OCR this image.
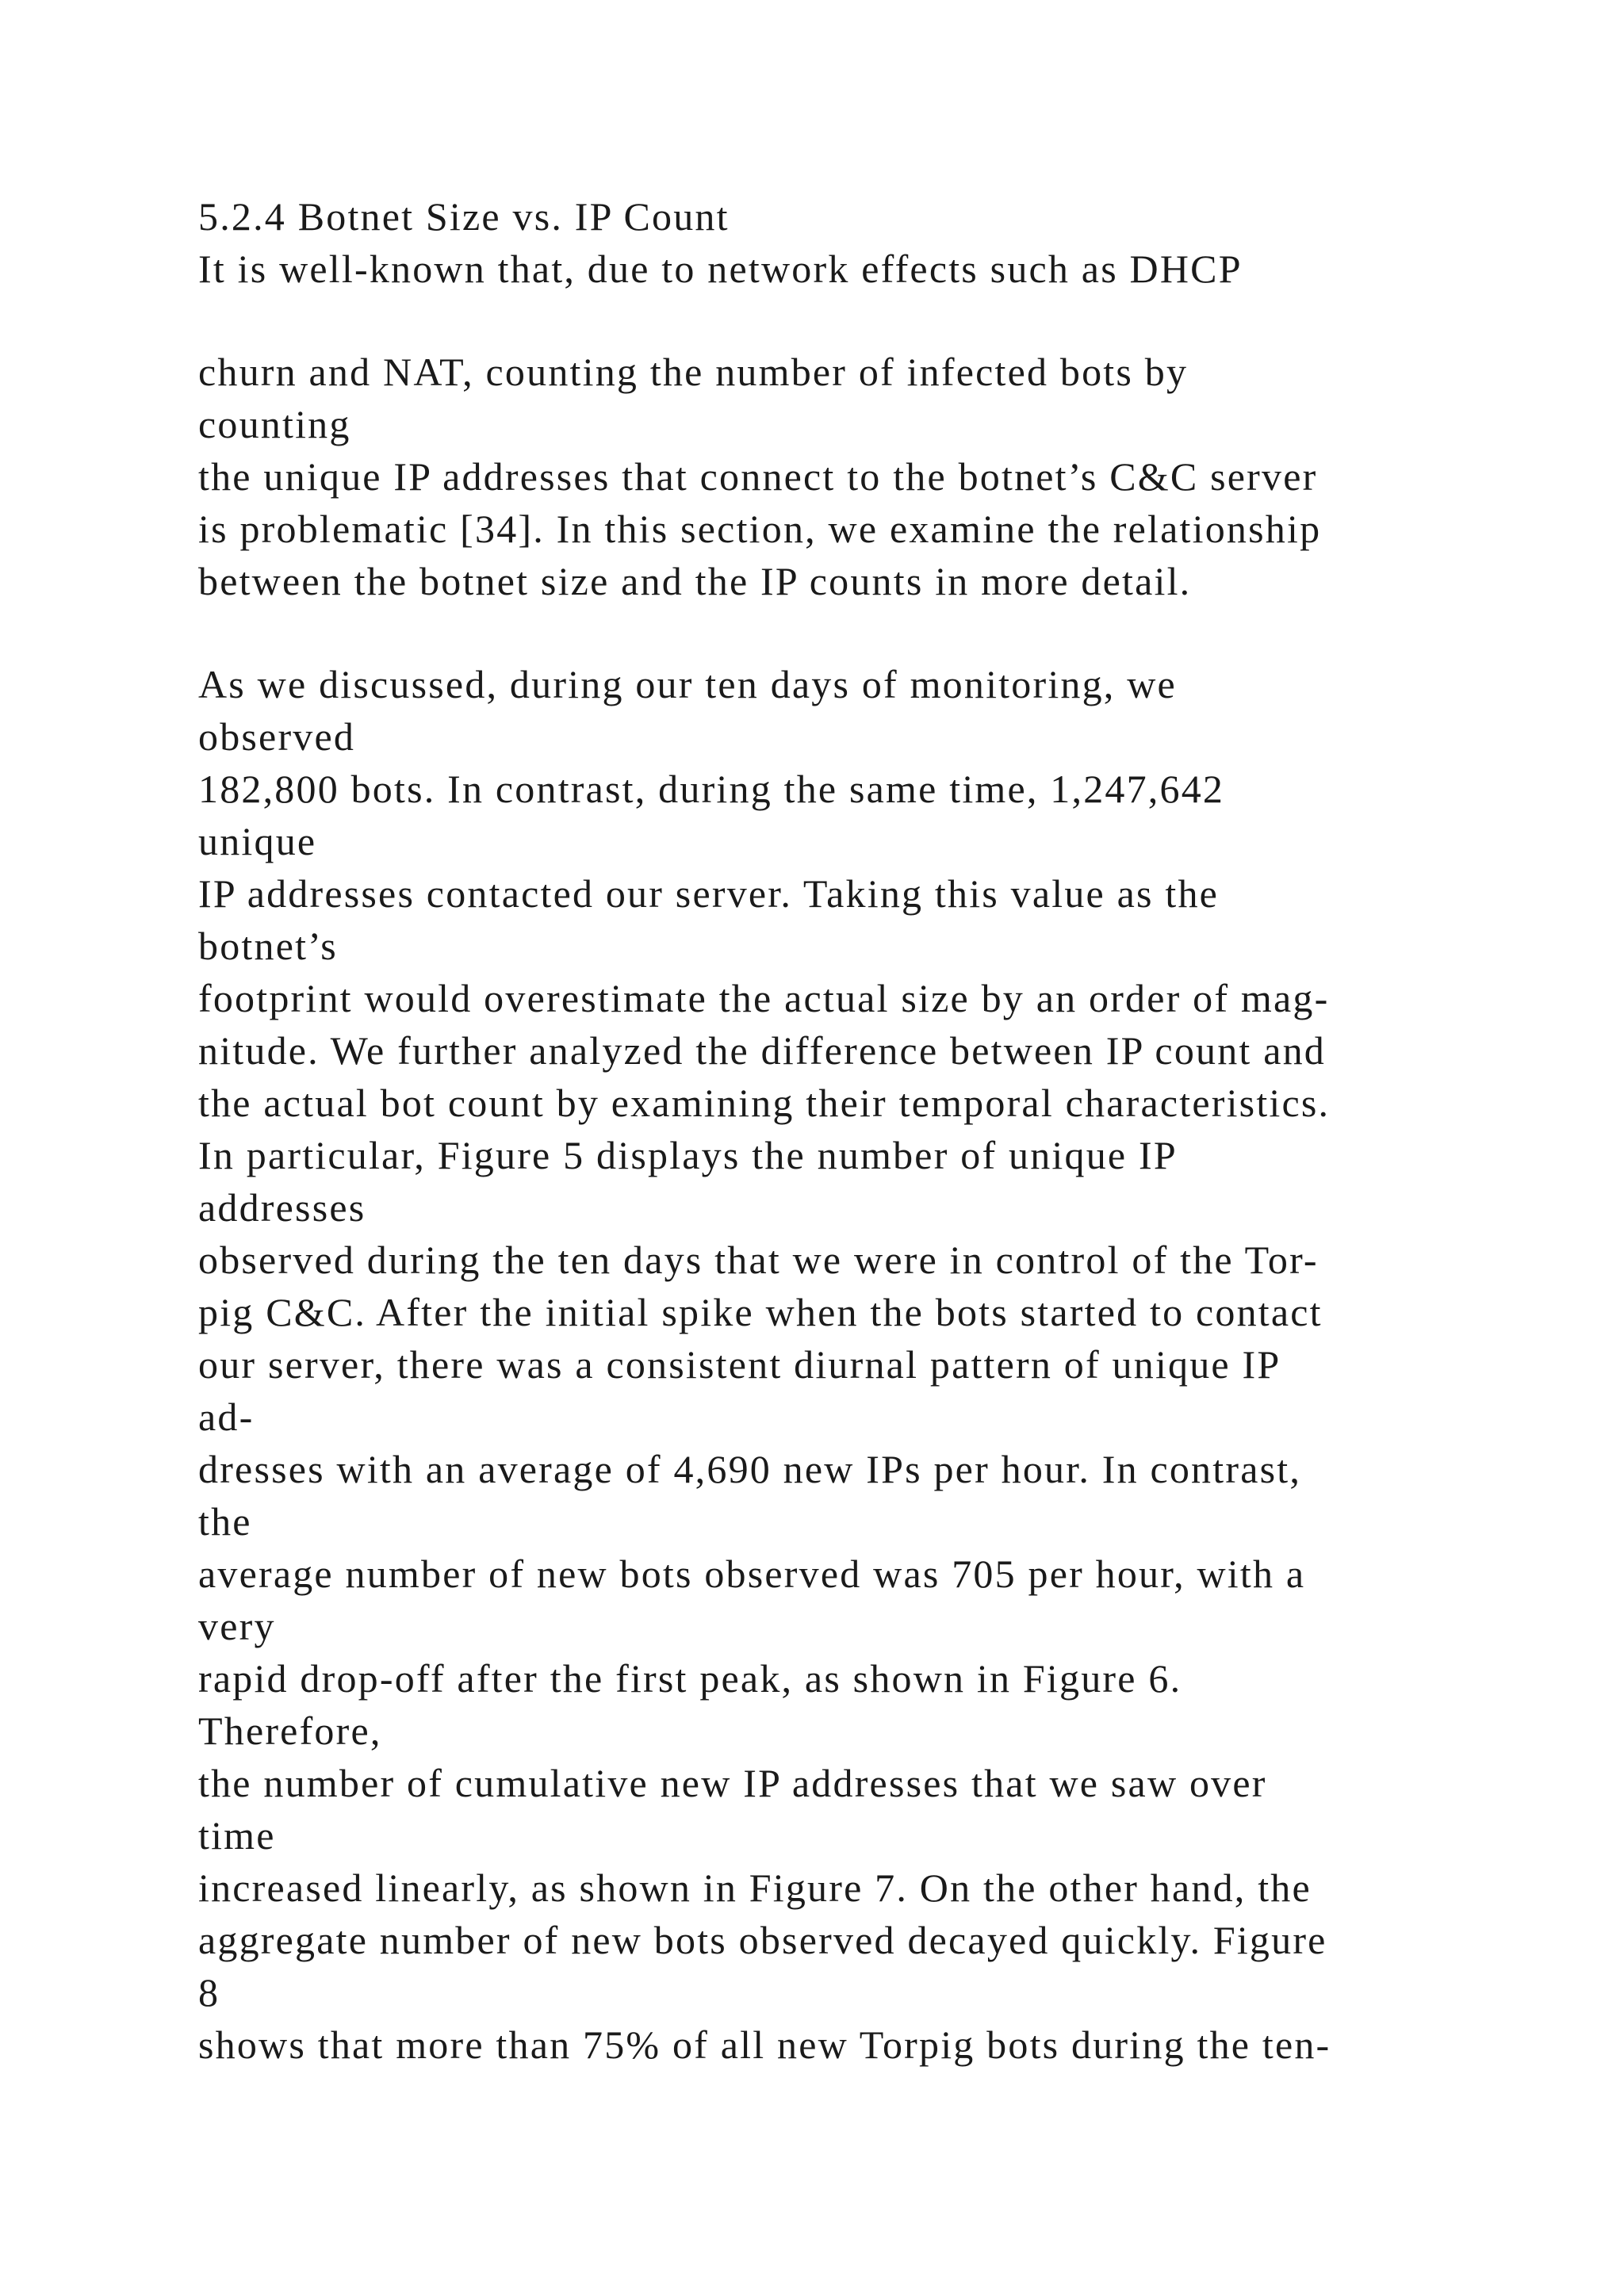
5.2.4 Botnet Size vs. IP Count
It is well-known that, due to network effects such as DHCP
churn and NAT, counting the number of infected bots by
counting
the unique IP addresses that connect to the botnet’s C&C server
is problematic [34]. In this section, we examine the relationship
between the botnet size and the IP counts in more detail.
As we discussed, during our ten days of monitoring, we
observed
182,800 bots. In contrast, during the same time, 1,247,642
unique
IP addresses contacted our server. Taking this value as the
botnet’s
footprint would overestimate the actual size by an order of mag-
nitude. We further analyzed the difference between IP count and
the actual bot count by examining their temporal characteristics.
In particular, Figure 5 displays the number of unique IP
addresses
observed during the ten days that we were in control of the Tor-
pig C&C. After the initial spike when the bots started to contact
our server, there was a consistent diurnal pattern of unique IP
ad-
dresses with an average of 4,690 new IPs per hour. In contrast,
the
average number of new bots observed was 705 per hour, with a
very
rapid drop-off after the first peak, as shown in Figure 6.
Therefore,
the number of cumulative new IP addresses that we saw over
time
increased linearly, as shown in Figure 7. On the other hand, the
aggregate number of new bots observed decayed quickly. Figure
8
shows that more than 75% of all new Torpig bots during the ten-
